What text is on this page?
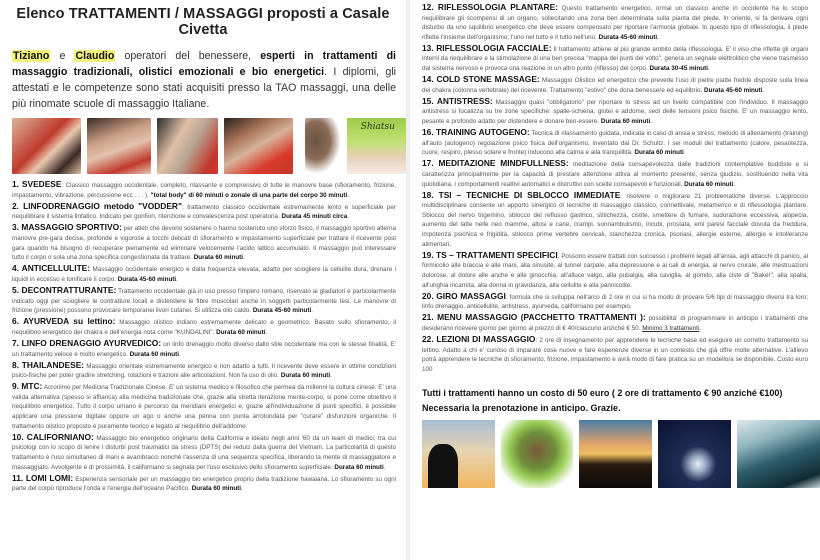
Elenco TRATTAMENTI / MASSAGGI proposti a Casale Civetta
Tiziano e Claudio operatori del benessere, esperti in trattamenti di massaggio tradizionali, olistici emozionali e bio energetici. I diplomi, gli attestati e le competenze sono stati acquisiti presso la TAO massaggi, una delle più rinomate scuole di massaggio Italiane.
Shiatsu
1. SVEDESE: Classico massaggio occidentale, completo, rilassante e comprensivo di tutte le manovre base (sfioramento, frizione, impastamento, vibrazione, percussione ecc . . . ). "total body" di 60 minuti o zonale di una parte del corpo 30 minuti.
2. LINFODRENAGGIO metodo "VODDER": trattamento classico occidentale estremamente lento e superficiale per riequilibrare il sistema linfatico. Indicato per gonfiori, ritenzione e convalescenza post operatoria. Durata 45 minuti circa.
3. MASSAGGIO SPORTIVO: per atleti che devono sostenere o hanno sostenuto uno sforzo fisico, il massaggio sportivo alterna manovre pre-gara decise, profonde e vigorose a tocchi delicati di sfioramento e impastamento superficiale per trattare il ricevente post gara quando ha bisogno di recuperare pienamente ed eliminare velocemente l'acido lattico accumulato. Il massaggio può interessare tutto il corpo o sola una zona specifica congestionata da trattare. Durata 60 minuti.
4. ANTICELLULITE: Massaggio occidentale energico e dalla frequenza elevata, adatto per sciogliere la cellulite dura, drenare i liquidi in eccesso e tonificare il corpo. Durata 45-60 minuti.
5. DECONTRATTURANTE: Trattamento occidentale già in uso presso l'impero romano, riservato ai gladiatori e particolarmente indicato oggi per sciogliere le contratture locali e distendere le fibre muscolari anche in soggetti particolarmente tesi. Le manovre di frizione (pressione) possono provocare temporanei livori cutanei. Si utilizza olio caldo. Durata 45-60 minuti.
6. AYURVEDA su lettino: Massaggio olistico indiano estremamente delicato e geometrico. Basato sullo sfioramento, il riequilibrio energetico dei chakra e dell'energia nota come "KUNDALINI". Durata 60 minuti.
7. LINFO DRENAGGIO AYURVEDICO: un linfo drenaggio molto diverso dallo stile occidentale ma con le stesse finalità. E' un trattamento veloce e molto energetico. Durata 60 minuti.
8. THAILANDESE: Massaggio orientale estremamente energico e non adatto a tutti. Il ricevente deve essere in ottime condizioni psico-fisiche per poter gradire stretching, rotazioni e trazioni alle articolazioni. Non fa uso di olio. Durata 60 minuti.
9. MTC: Acronimo per Medicina Tradizionale Cinese. E' un sistema medico e filosofico che permea da millenni la cultura cinese. E' una valida alternativa (spesso si affianca) alla medicina tradizionale che, grazie alla stretta iterazione mente-corpo, si pone come obiettivo il riequilibrio energetico. Tutto il corpo umano è percorso da meridiani energetici e, grazie all'individuazione di punti specifici, è possibile applicare una pressione digitale oppure un ago o anche una penna con punta arrotondata per "curare" disfunzioni organiche. Il trattamento olistico proposto è puramente teorico e legato al riequilibrio dell'addome.
10. CALIFORNIANO: Massaggio bio energetico originario della California e ideato negli anni '60 da un team di medici, tra cui psicologi con lo scopo di lenire i disturbi post traumatici da stress (DPTS) dei reduci dalla guerra del Vietnam. La particolarità di questo trattamento è l'uso simultaneo di mani e avambracci nonché l'assenza di una sequenza specifica, liberando la mente di massaggiatore e massaggiato. Avvolgente e di prossimità, il californiano si segnala per l'uso esclusivo dello sfioramento superficiale. Durata 60 minuti.
11. LOMI LOMI: Esperienza sensoriale per un massaggio bio energetico proprio della tradizione hawaiana. Lo sfioramento su ogni parte del corpo riproduce l'onda e l'energia dell'oceano Pacifico. Durata 60 minuti.
12. RIFLESSOLOGIA PLANTARE: Questo trattamento energetico, ormai un classico anche in occidente ha lo scopo riequilibrare gli scompensi di un organo, sollecitando una zona ben determinata sulla pianta del piede. In oriente, si fa derivare ogni disturbo da uno squilibrio energetico che deve essere compensato per riportare l'armonia globale. In questo tipo di riflessologia, il piede riflette l'insieme dell'organismo; l'uno nel tutto e il tutto nell'uno. Durata 45-60 minuti.
13. RIFLESSOLOGIA FACCIALE: Il trattamento attiene al più grande ambito della riflessologia. E' il viso che riflette gli organi interni da riequilibrare e la stimolazione di una ben precisa "mappa dei punti del volto", genera un segnale elettrolitico che viene trasmesso dal sistema nervoso e provoca una reazione in un altro punto (riflesso) del corpo. Durata 30-45 minuti.
14. COLD STONE MASSAGE: Massaggio Olistico ed energetico che prevede l'uso di pietre piatte fredde disposte sulla linea dei chakra (colonna vertebrale) del ricevente. Trattamento "estivo" che dona benessere ed equilibrio. Durata 45-60 minuti.
15. ANTISTRESS: Massaggio quasi "obbligatorio" per riportare lo stress ad un livello compatibile con l'individuo. Il massaggio antistress si focalizza su tre zone specifiche: spalle-schiena, glutei e addome, sedi delle tensioni psico fisiche. E' un massaggio lento, pesante e profondo adatto per distendere e donare ben-essere. Durata 60 minuti.
16. TRAINING AUTOGENO: Tecnica di rilassamento guidata, indicata in caso di ansia e stress; metodo di allenamento (training) all'auto (autogeno) regolazione psico fisica dell'organismo, inventato dal Dr. Schultz. I sei moduli del trattamento (calore, pesantezza, cuore, respiro, plesso solare e fronte) inducono alla calma e alla tranquillità. Durata 60 minuti
17. MEDITAZIONE MINDFULLNESS: meditazione della consapevolezza dalle tradizioni contemplative buddiste e si caratterizza principalmente per la capacità di prestare attenzione attiva al momento presente, senza giudizio, sostituendo nella vita quotidiana, i comportamenti reattivi automatici e distruttivi con scelte consapevoli e funzionali. Durata 60 minuti.
18. TSI – TECNICHE DI SBLOCCO IMMEDIATE: risolvere o migliorare 21 problematiche diverse. L'approccio multidisciplinare consente un apporto sinergico di tecniche di massaggio classico, connettivale, metamerico e di riflessologia plantare. Sblocco del nervo trigemino, sblocco del reflusso gastrico, stitichezza, cistite, smettere di fumare, sudorazione eccessiva, alopecia, aumento del latte nelle neo mamme, altosi e carie, crampi, sonnambulismo, incubi, prostata, emi paresi facciale dovuta da freddura, impotenza psichica e frigidità, sblocco prime vertebre cervicali, stanchezza cronica, psoriasi, allergie esterne, allergie e intolleranze alimentari,
19. TS – TRATTAMENTI SPECIFICI. Possono essere trattati con successo i problemi legati all'ansia, agli attacchi di panico, al formicolio alle braccia e alle mani, alla sinusite, al tunnel carpale, alla depressione e ai cali di energia, al nervo crurale, alle mestruazioni dolorose, al dolore alle anche e alle ginocchia, all'alluce valgo, alla pubalgia, alla caviglia, al gomito, alla ciste di "Baker", alla spalla, all'unghia incarnita, alla donna in gravidanza, alla cellulite e alla pannicolite.
20. GIRO MASSAGGI: formula che si sviluppa nell'arco di 2 ore in cui si ha modo di provare 5/6 tipi di massaggio diversi tra loro; linfo drenaggio, anticellulite, antistress, ayurveda, californiano per esempio.
21. MENU MASSAGGIO (PACCHETTO TRATTAMENTI ): possibilità' di programmare in anticipo i trattamenti che desiderano ricevere giorno per giorno al prezzo di € 40/ciascuno anziché € 50. Minimo 3 trattamenti.
22. LEZIONI DI MASSAGGIO: 2 ore di insegnamento per apprendere le tecniche base ed eseguire un corretto trattamento su lettino. Adatto a chi e' curioso di imparare cose nuove e fare esperienze diverse in un contesto che già offre molte alternative. L'allievo potrà apprendere le tecniche di sfioramento, frizione, impastamento e avrà modo di fare pratica su un modello/a se disponibile. Costo euro 100
Tutti i trattamenti hanno un costo di 50 euro ( 2 ore di trattamento € 90 anziché €100)
Necessaria la prenotazione in anticipo. Grazie.
